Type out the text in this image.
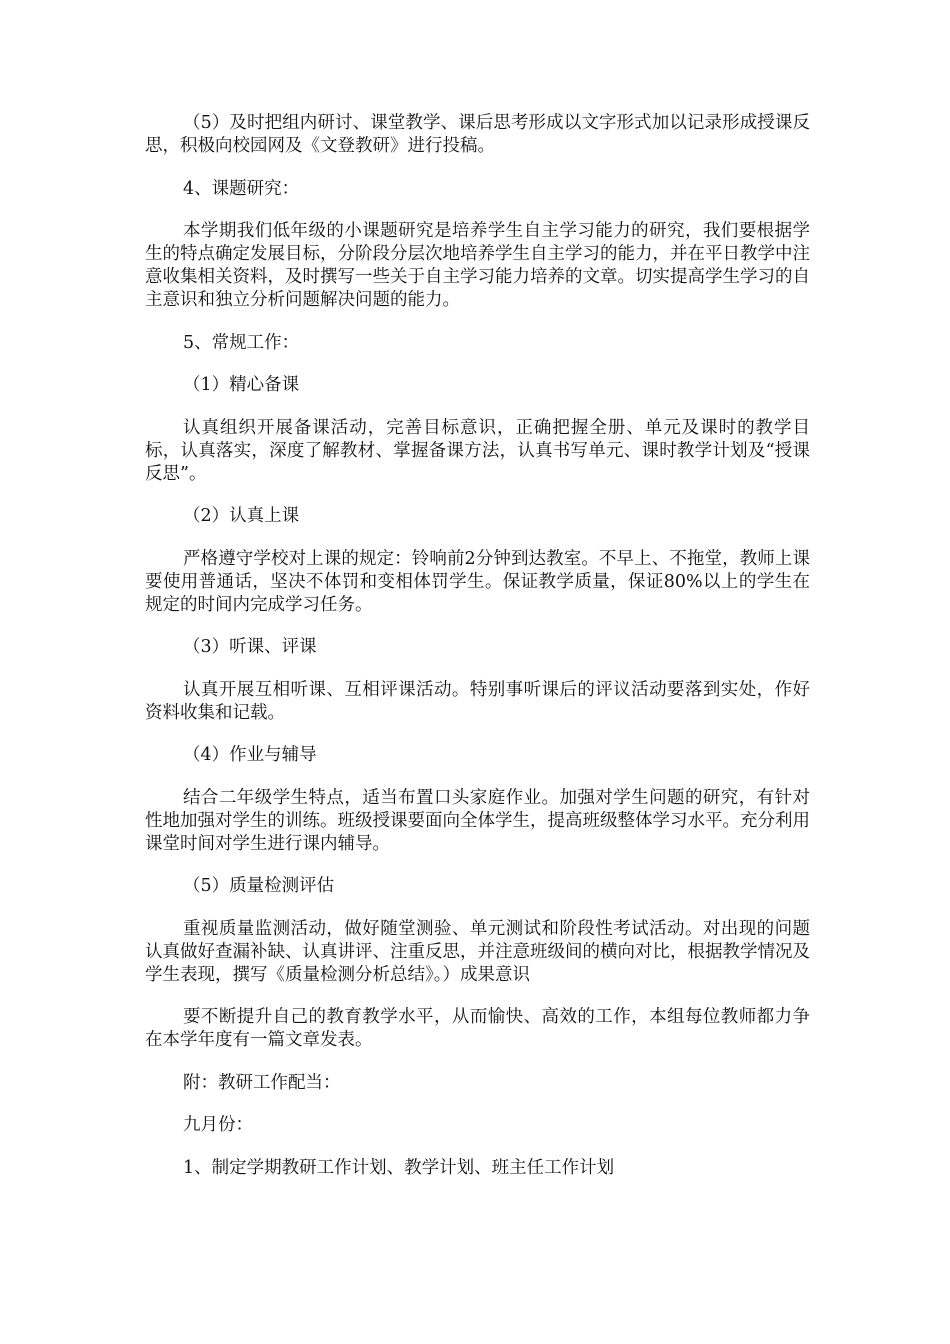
（5）及时把组内研讨、课堂教学、课后思考形成以文字形式加以记录形成授课反思，积极向校园网及《文登教研》进行投稿。

4、课题研究：

本学期我们低年级的小课题研究是培养学生自主学习能力的研究，我们要根据学生的特点确定发展目标，分阶段分层次地培养学生自主学习的能力，并在平日教学中注意收集相关资料，及时撰写一些关于自主学习能力培养的文章。切实提高学生学习的自主意识和独立分析问题解决问题的能力。

5、常规工作：

（1）精心备课

认真组织开展备课活动，完善目标意识，正确把握全册、单元及课时的教学目标，认真落实，深度了解教材、掌握备课方法，认真书写单元、课时教学计划及“授课反思”。

（2）认真上课

严格遵守学校对上课的规定：铃响前2分钟到达教室。不早上、不拖堂，教师上课要使用普通话，坚决不体罚和变相体罚学生。保证教学质量，保证80%以上的学生在规定的时间内完成学习任务。

（3）听课、评课

认真开展互相听课、互相评课活动。特别事听课后的评议活动要落到实处，作好资料收集和记载。

（4）作业与辅导

结合二年级学生特点，适当布置口头家庭作业。加强对学生问题的研究，有针对性地加强对学生的训练。班级授课要面向全体学生，提高班级整体学习水平。充分利用课堂时间对学生进行课内辅导。

（5）质量检测评估

重视质量监测活动，做好随堂测验、单元测试和阶段性考试活动。对出现的问题认真做好查漏补缺、认真讲评、注重反思，并注意班级间的横向对比，根据教学情况及学生表现，撰写《质量检测分析总结》。）成果意识

要不断提升自己的教育教学水平，从而愉快、高效的工作，本组每位教师都力争在本学年度有一篇文章发表。

附：教研工作配当：

九月份：

1、制定学期教研工作计划、教学计划、班主任工作计划
